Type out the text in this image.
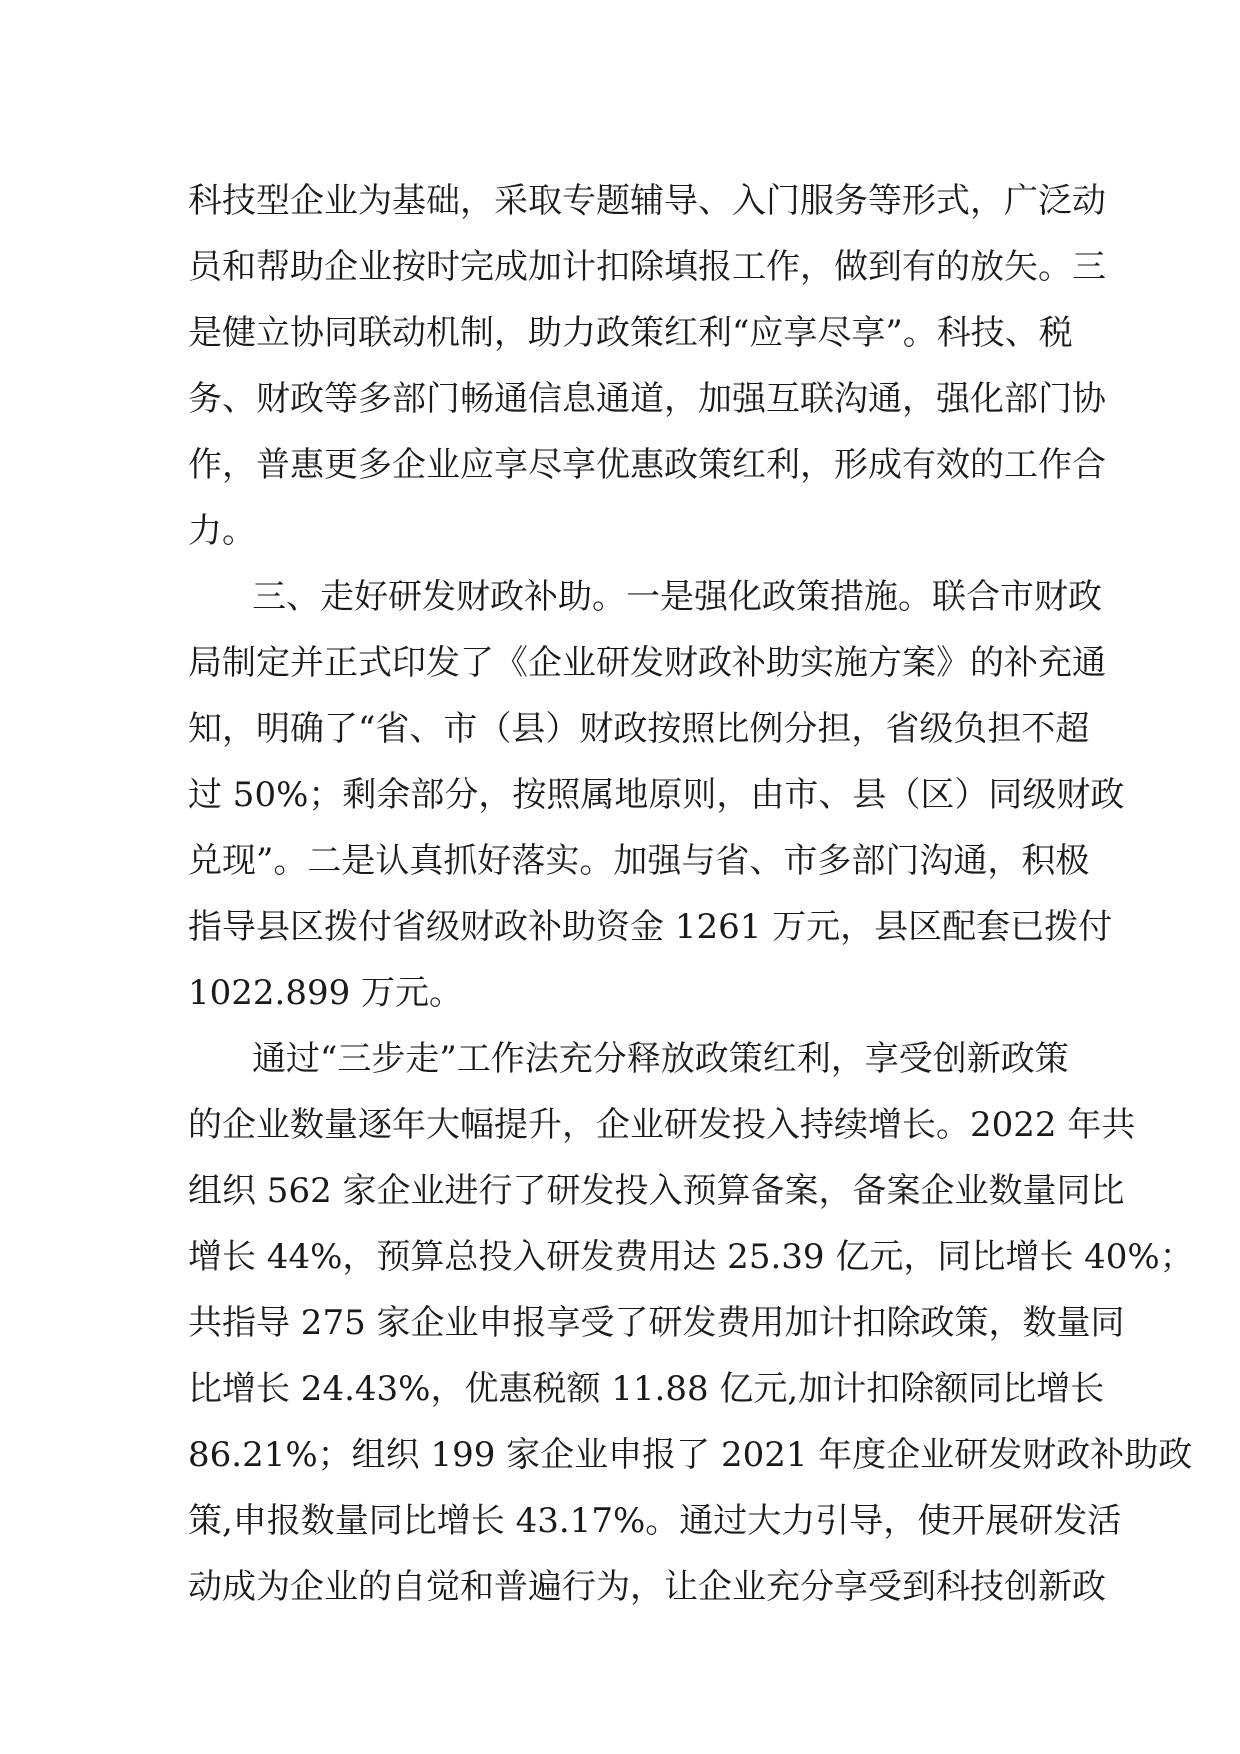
科技型企业为基础，采取专题辅导、入门服务等形式，广泛动
员和帮助企业按时完成加计扣除填报工作，做到有的放矢。三
是健立协同联动机制，助力政策红利“应享尽享”。科技、税
务、财政等多部门畅通信息通道，加强互联沟通，强化部门协
作，普惠更多企业应享尽享优惠政策红利，形成有效的工作合
力。
三、走好研发财政补助。一是强化政策措施。联合市财政
局制定并正式印发了《企业研发财政补助实施方案》的补充通
知，明确了“省、市（县）财政按照比例分担，省级负担不超
过 50%；剩余部分，按照属地原则，由市、县（区）同级财政
兑现”。二是认真抓好落实。加强与省、市多部门沟通，积极
指导县区拨付省级财政补助资金 1261 万元，县区配套已拨付
1022.899 万元。
通过“三步走”工作法充分释放政策红利，享受创新政策
的企业数量逐年大幅提升，企业研发投入持续增长。2022 年共
组织 562 家企业进行了研发投入预算备案，备案企业数量同比
增长 44%，预算总投入研发费用达 25.39 亿元，同比增长 40%；
共指导 275 家企业申报享受了研发费用加计扣除政策，数量同
比增长 24.43%，优惠税额 11.88 亿元,加计扣除额同比增长
86.21%；组织 199 家企业申报了 2021 年度企业研发财政补助政
策,申报数量同比增长 43.17%。通过大力引导，使开展研发活
动成为企业的自觉和普遍行为，让企业充分享受到科技创新政
